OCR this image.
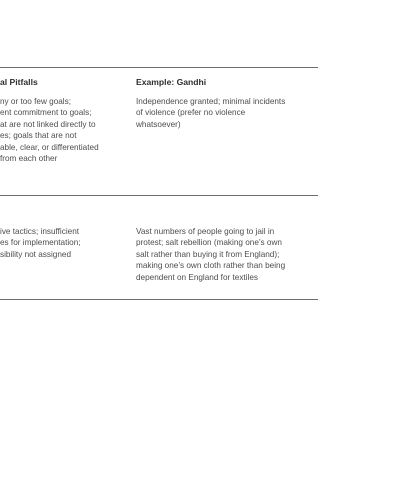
al Pitfalls	Example: Gandhi
ny or too few goals;
ent commitment to goals;
at are not linked directly to
es; goals that are not
able, clear, or differentiated
from each other
Independence granted; minimal incidents
of violence (prefer no violence
whatsoever)
ive tactics; insufficient
es for implementation;
sibility not assigned
Vast numbers of people going to jail in
protest; salt rebellion (making one’s own
salt rather than buying it from England);
making one’s own cloth rather than being
dependent on England for textiles
